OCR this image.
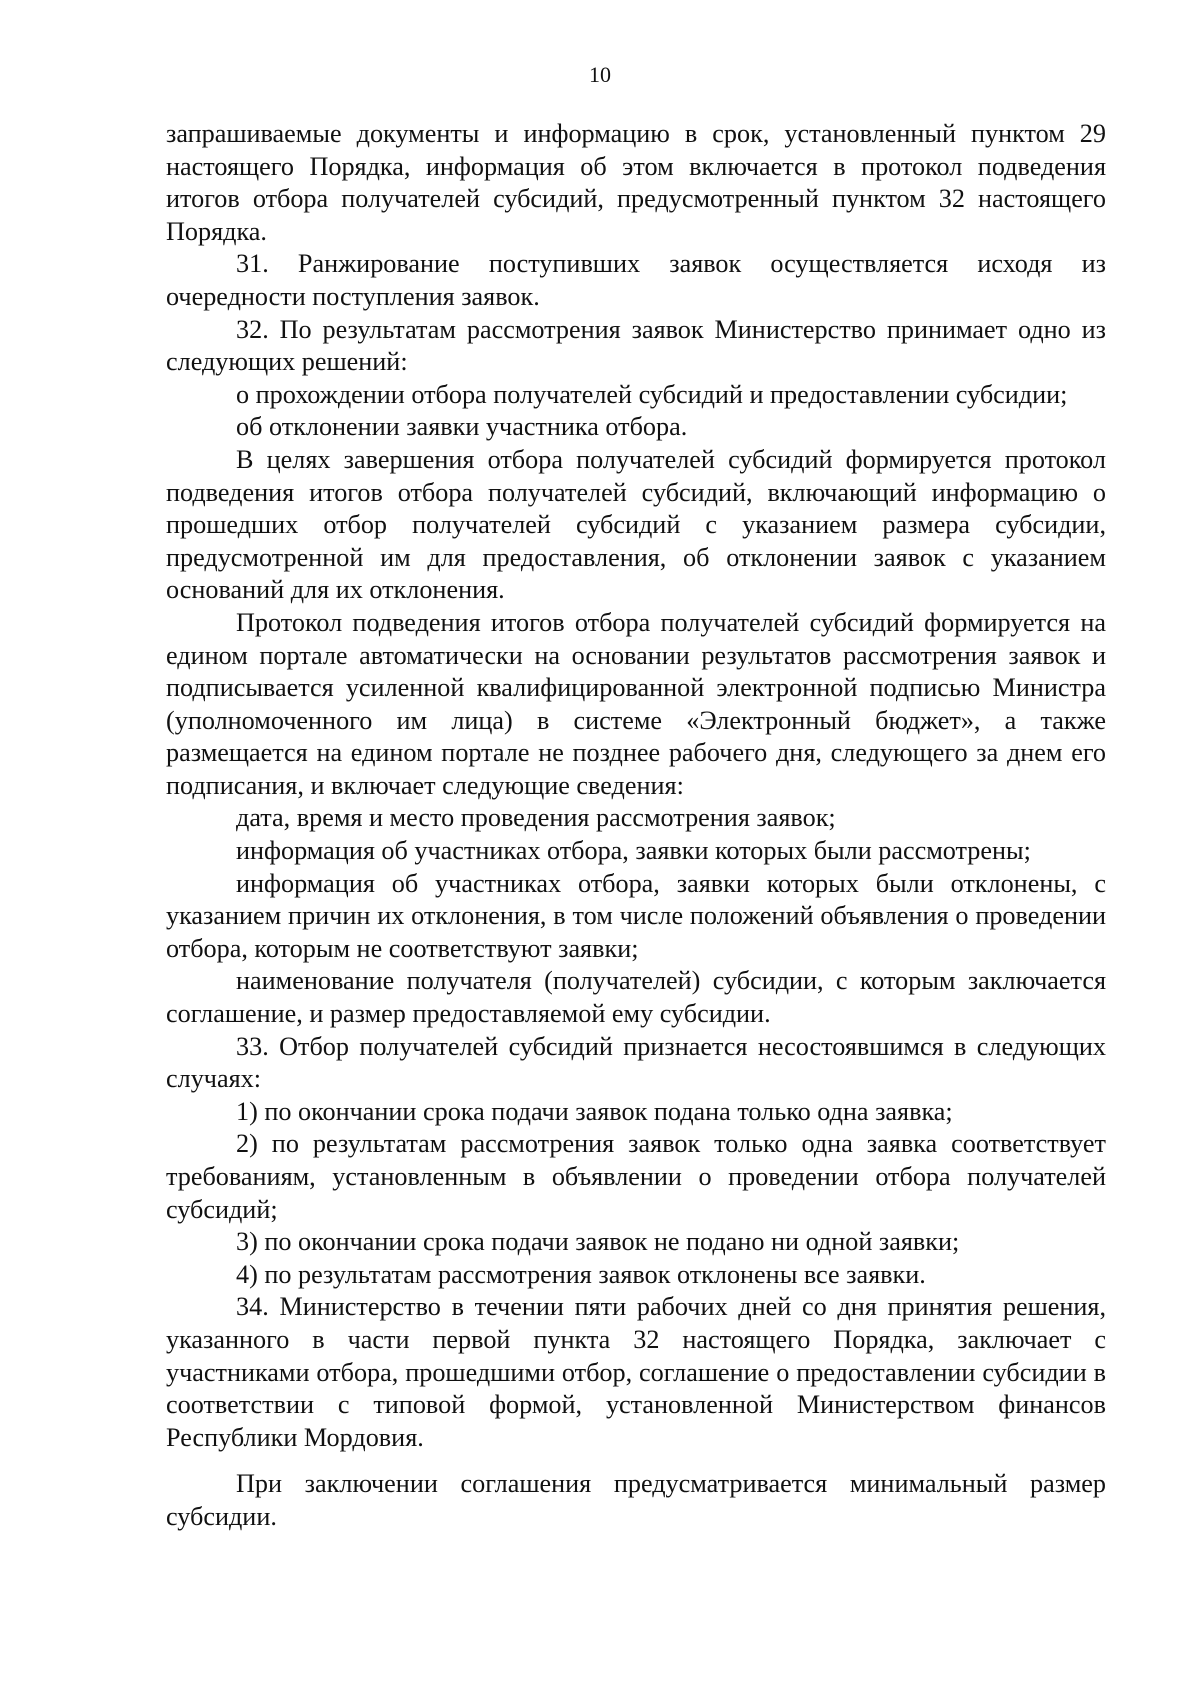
10

запрашиваемые документы и информацию в срок, установленный пунктом 29 настоящего Порядка, информация об этом включается в протокол подведения итогов отбора получателей субсидий, предусмотренный пунктом 32 настоящего Порядка.

31. Ранжирование поступивших заявок осуществляется исходя из очередности поступления заявок.

32. По результатам рассмотрения заявок Министерство принимает одно из следующих решений:

о прохождении отбора получателей субсидий и предоставлении субсидии;

об отклонении заявки участника отбора.

В целях завершения отбора получателей субсидий формируется протокол подведения итогов отбора получателей субсидий, включающий информацию о прошедших отбор получателей субсидий с указанием размера субсидии, предусмотренной им для предоставления, об отклонении заявок с указанием оснований для их отклонения.

Протокол подведения итогов отбора получателей субсидий формируется на едином портале автоматически на основании результатов рассмотрения заявок и подписывается усиленной квалифицированной электронной подписью Министра (уполномоченного им лица) в системе «Электронный бюджет», а также размещается на едином портале не позднее рабочего дня, следующего за днем его подписания, и включает следующие сведения:

дата, время и место проведения рассмотрения заявок;

информация об участниках отбора, заявки которых были рассмотрены;

информация об участниках отбора, заявки которых были отклонены, с указанием причин их отклонения, в том числе положений объявления о проведении отбора, которым не соответствуют заявки;

наименование получателя (получателей) субсидии, с которым заключается соглашение, и размер предоставляемой ему субсидии.

33. Отбор получателей субсидий признается несостоявшимся в следующих случаях:

1) по окончании срока подачи заявок подана только одна заявка;

2) по результатам рассмотрения заявок только одна заявка соответствует требованиям, установленным в объявлении о проведении отбора получателей субсидий;

3) по окончании срока подачи заявок не подано ни одной заявки;

4) по результатам рассмотрения заявок отклонены все заявки.

34. Министерство в течении пяти рабочих дней со дня принятия решения, указанного в части первой пункта 32 настоящего Порядка, заключает с участниками отбора, прошедшими отбор, соглашение о предоставлении субсидии в соответствии с типовой формой, установленной Министерством финансов Республики Мордовия.

При заключении соглашения предусматривается минимальный размер субсидии.
